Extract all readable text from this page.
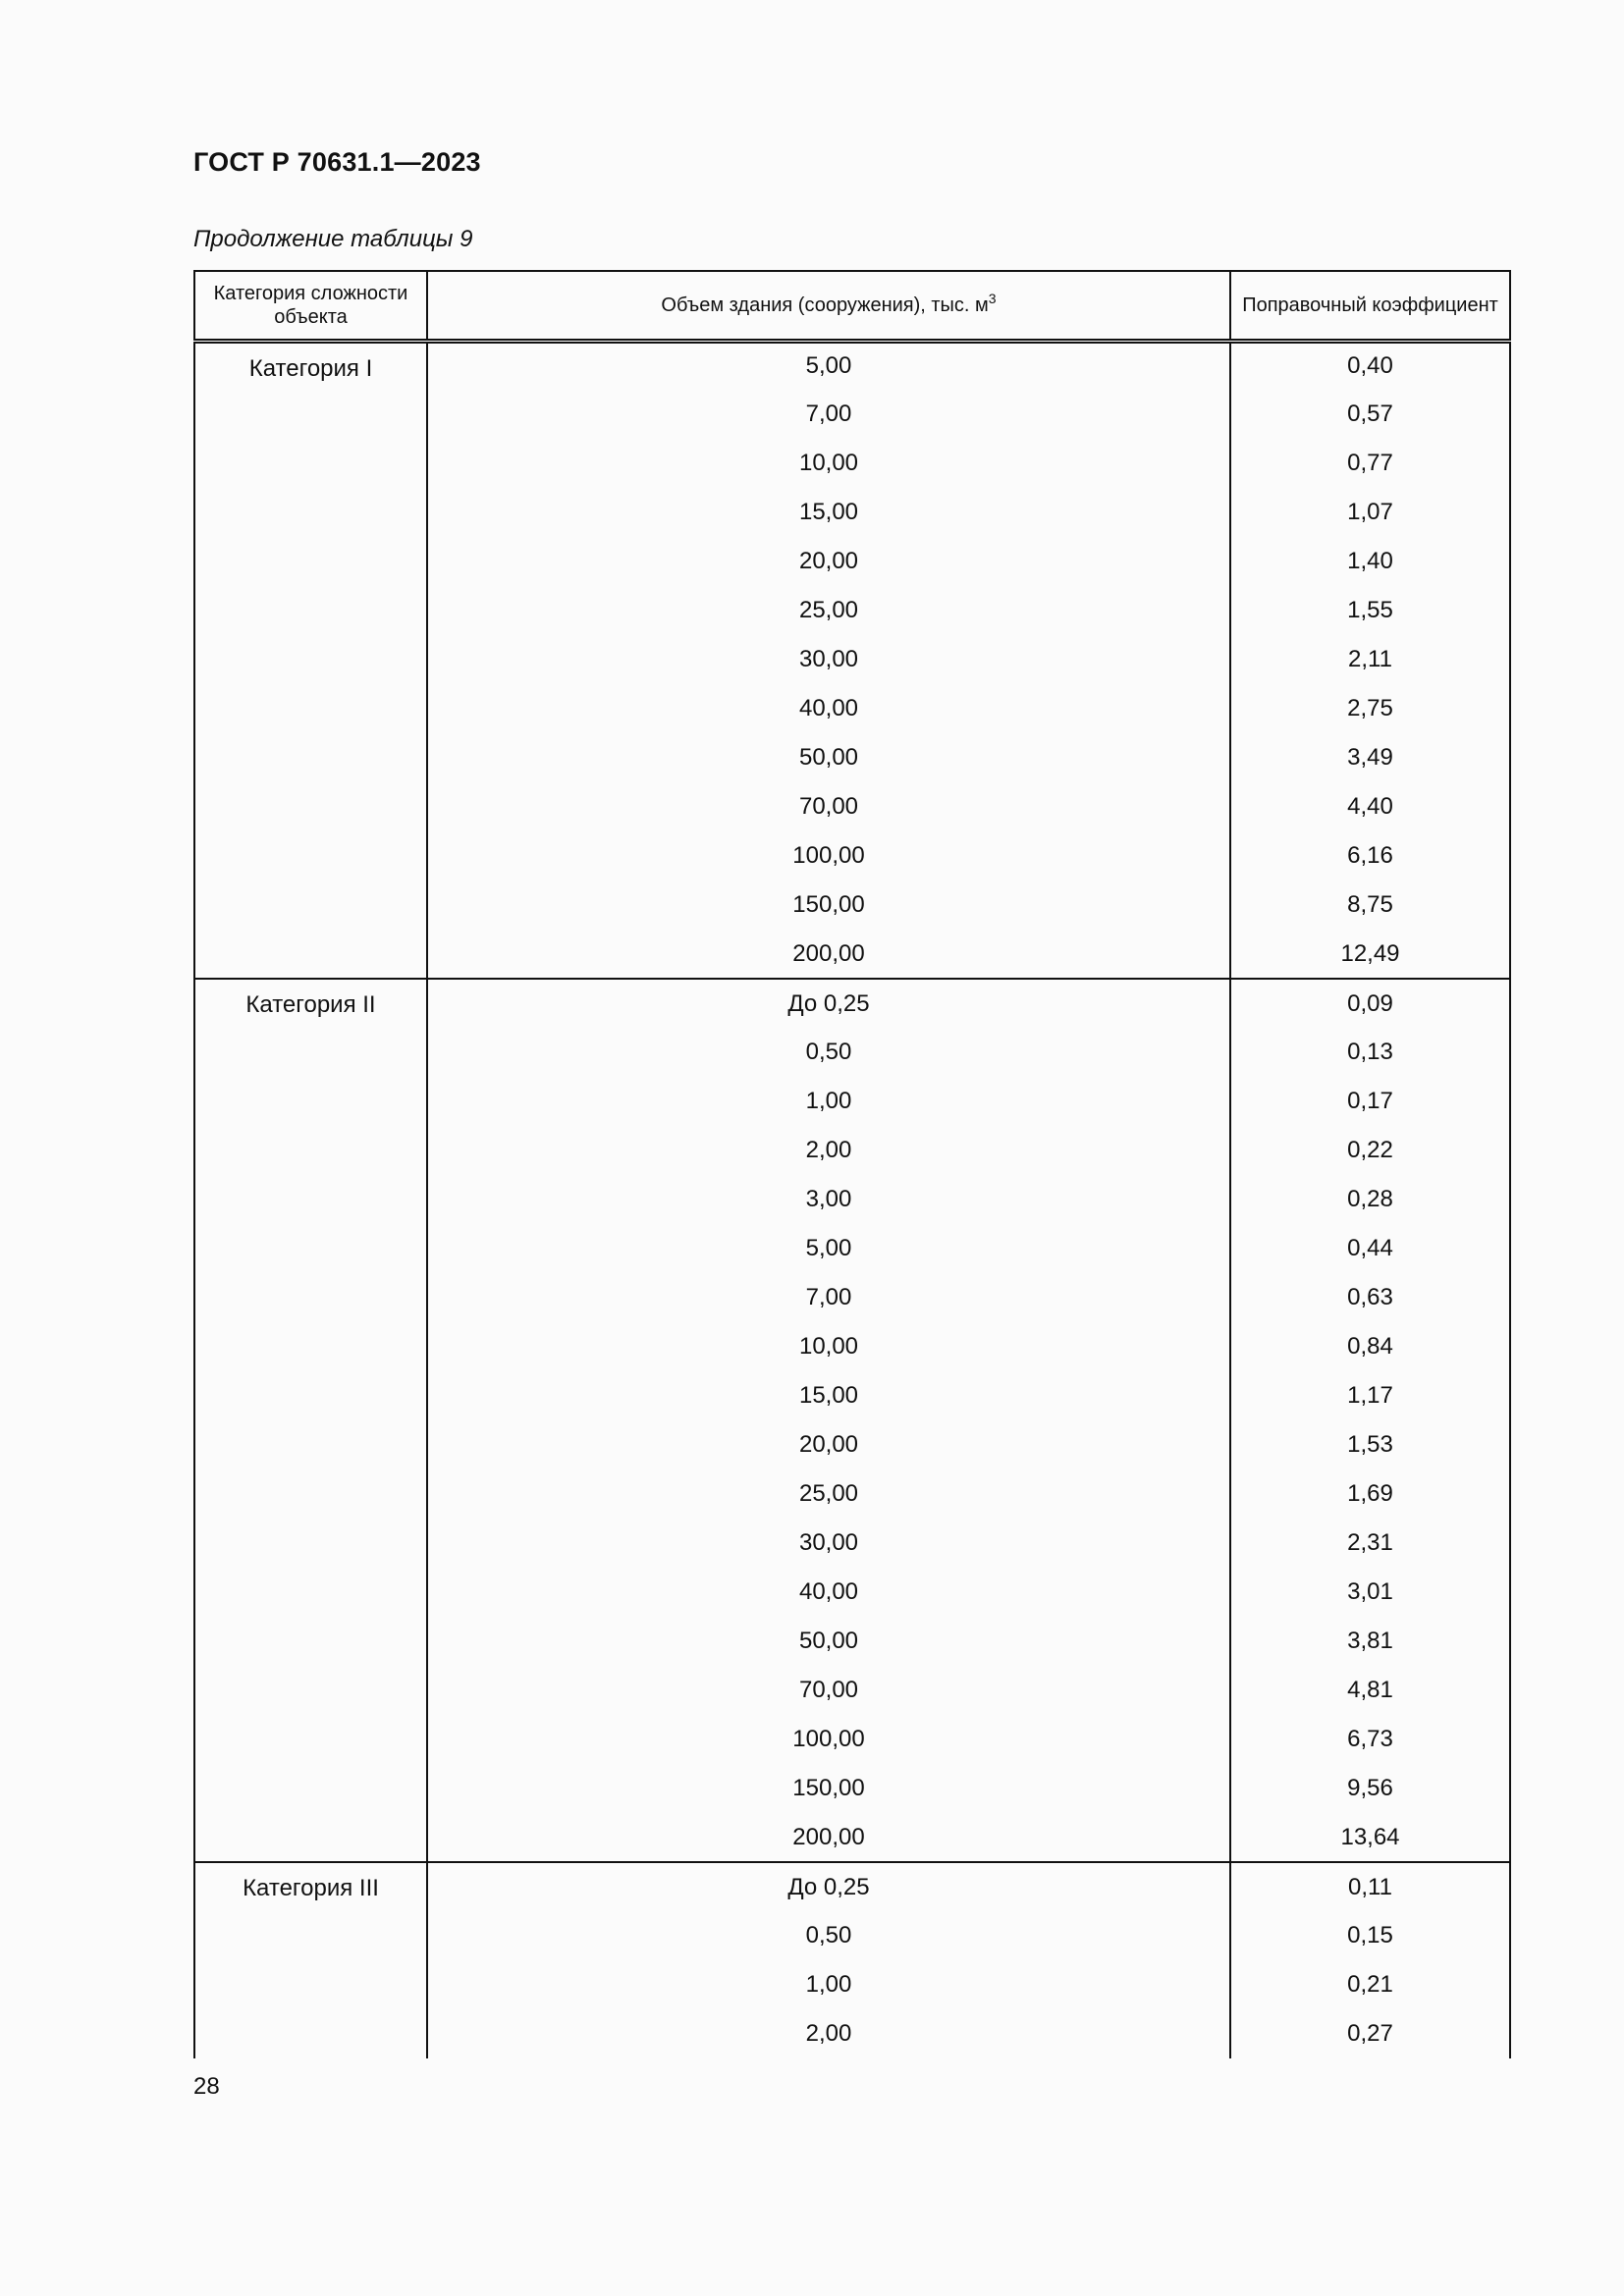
ГОСТ Р 70631.1—2023
Продолжение таблицы 9
Категория сложности объекта	Объем здания (сооружения), тыс. $м^3$	Поправочный коэффициент
Категория I	5,00	0,40
	7,00	0,57
	10,00	0,77
	15,00	1,07
	20,00	1,40
	25,00	1,55
	30,00	2,11
	40,00	2,75
	50,00	3,49
	70,00	4,40
	100,00	6,16
	150,00	8,75
	200,00	12,49
Категория II	До 0,25	0,09
	0,50	0,13
	1,00	0,17
	2,00	0,22
	3,00	0,28
	5,00	0,44
	7,00	0,63
	10,00	0,84
	15,00	1,17
	20,00	1,53
	25,00	1,69
	30,00	2,31
	40,00	3,01
	50,00	3,81
	70,00	4,81
	100,00	6,73
	150,00	9,56
	200,00	13,64
Категория III	До 0,25	0,11
	0,50	0,15
	1,00	0,21
	2,00	0,27
28
